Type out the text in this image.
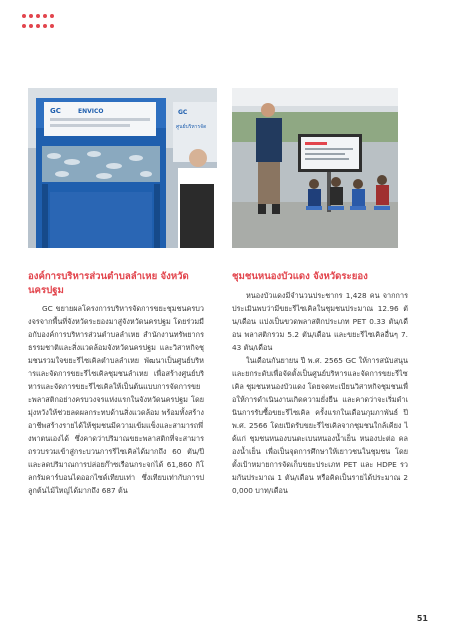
GC	ENVICO	GC
ศูนย์บริหารจัด
องค์การบริหารส่วนตำบลลำเหย จังหวัดนครปฐม

GC ขยายผลโครงการบริหารจัดการขยะชุมชนครบวงจรจากพื้นที่จังหวัดระยองมาสู่จังหวัดนครปฐม โดยร่วมมือกับองค์การบริหารส่วนตำบลลำเหย สำนักงานทรัพยากรธรรมชาติและสิ่งแวดล้อมจังหวัดนครปฐม และวิสาหกิจชุมชนรวมใจขยะรีไซเคิลตำบลลำเหย พัฒนาเป็นศูนย์บริหารและจัดการขยะรีไซเคิลชุมชนลำเหย เพื่อสร้างศูนย์บริหารและจัดการขยะรีไซเคิลให้เป็นต้นแบบการจัดการขยะพลาสติกอย่างครบวงจรแห่งแรกในจังหวัดนครปฐม โดยมุ่งหวังให้ช่วยลดผลกระทบด้านสิ่งแวดล้อม พร้อมทั้งสร้างอาชีพสร้างรายได้ให้ชุมชนมีความเข้มแข็งและสามารถพึ่งพาตนเองได้ ซึ่งคาดว่าปริมาณขยะพลาสติกที่จะสามารถรวบรวมเข้าสู่กระบวนการรีไซเคิลได้มากถึง 60 ตัน/ปี และลดปริมาณการปล่อยก๊าซเรือนกระจกได้ 61,860 กิโลกรัมคาร์บอนไดออกไซด์เทียบเท่า ซึ่งเทียบเท่ากับการปลูกต้นไม้ใหญ่ได้มากถึง 687 ต้น

ชุมชนหนองบัวแดง จังหวัดระยอง

หนองบัวแดงมีจำนวนประชากร 1,428 คน จากการประเมินพบว่ามีขยะรีไซเคิลในชุมชนประมาณ 12.96 ตัน/เดือน แบ่งเป็นขวดพลาสติกประเภท PET 0.33 ตัน/เดือน พลาสติกรวม 5.2 ตัน/เดือน และขยะรีไซเคิลอื่นๆ 7.43 ตัน/เดือน

ในเดือนกันยายน ปี พ.ศ. 2565 GC ให้การสนับสนุนและยกระดับเพื่อจัดตั้งเป็นศูนย์บริหารและจัดการขยะรีไซเคิล ชุมชนหนองบัวแดง โดยจดทะเบียนวิสาหกิจชุมชนเพื่อให้การดำเนินงานเกิดความยั่งยืน และคาดว่าจะเริ่มดำเนินการรับซื้อขยะรีไซเคิล ครั้งแรกในเดือนกุมภาพันธ์ ปี พ.ศ. 2566 โดยเปิดรับขยะรีไซเคิลจากชุมชนใกล้เคียง ได้แก่ ชุมชนหนองบนตะเบนหนองน้ำเย็น หนองปะต่อ คลองน้ำเย็น เพื่อเป็นจุดการศึกษาให้เยาวชนในชุมชน โดย ตั้งเป้าหมายการจัดเก็บขยะประเภท PET และ HDPE รวมกันประมาณ 1 ตัน/เดือน หรือคิดเป็นรายได้ประมาณ 20,000 บาท/เดือน

51
